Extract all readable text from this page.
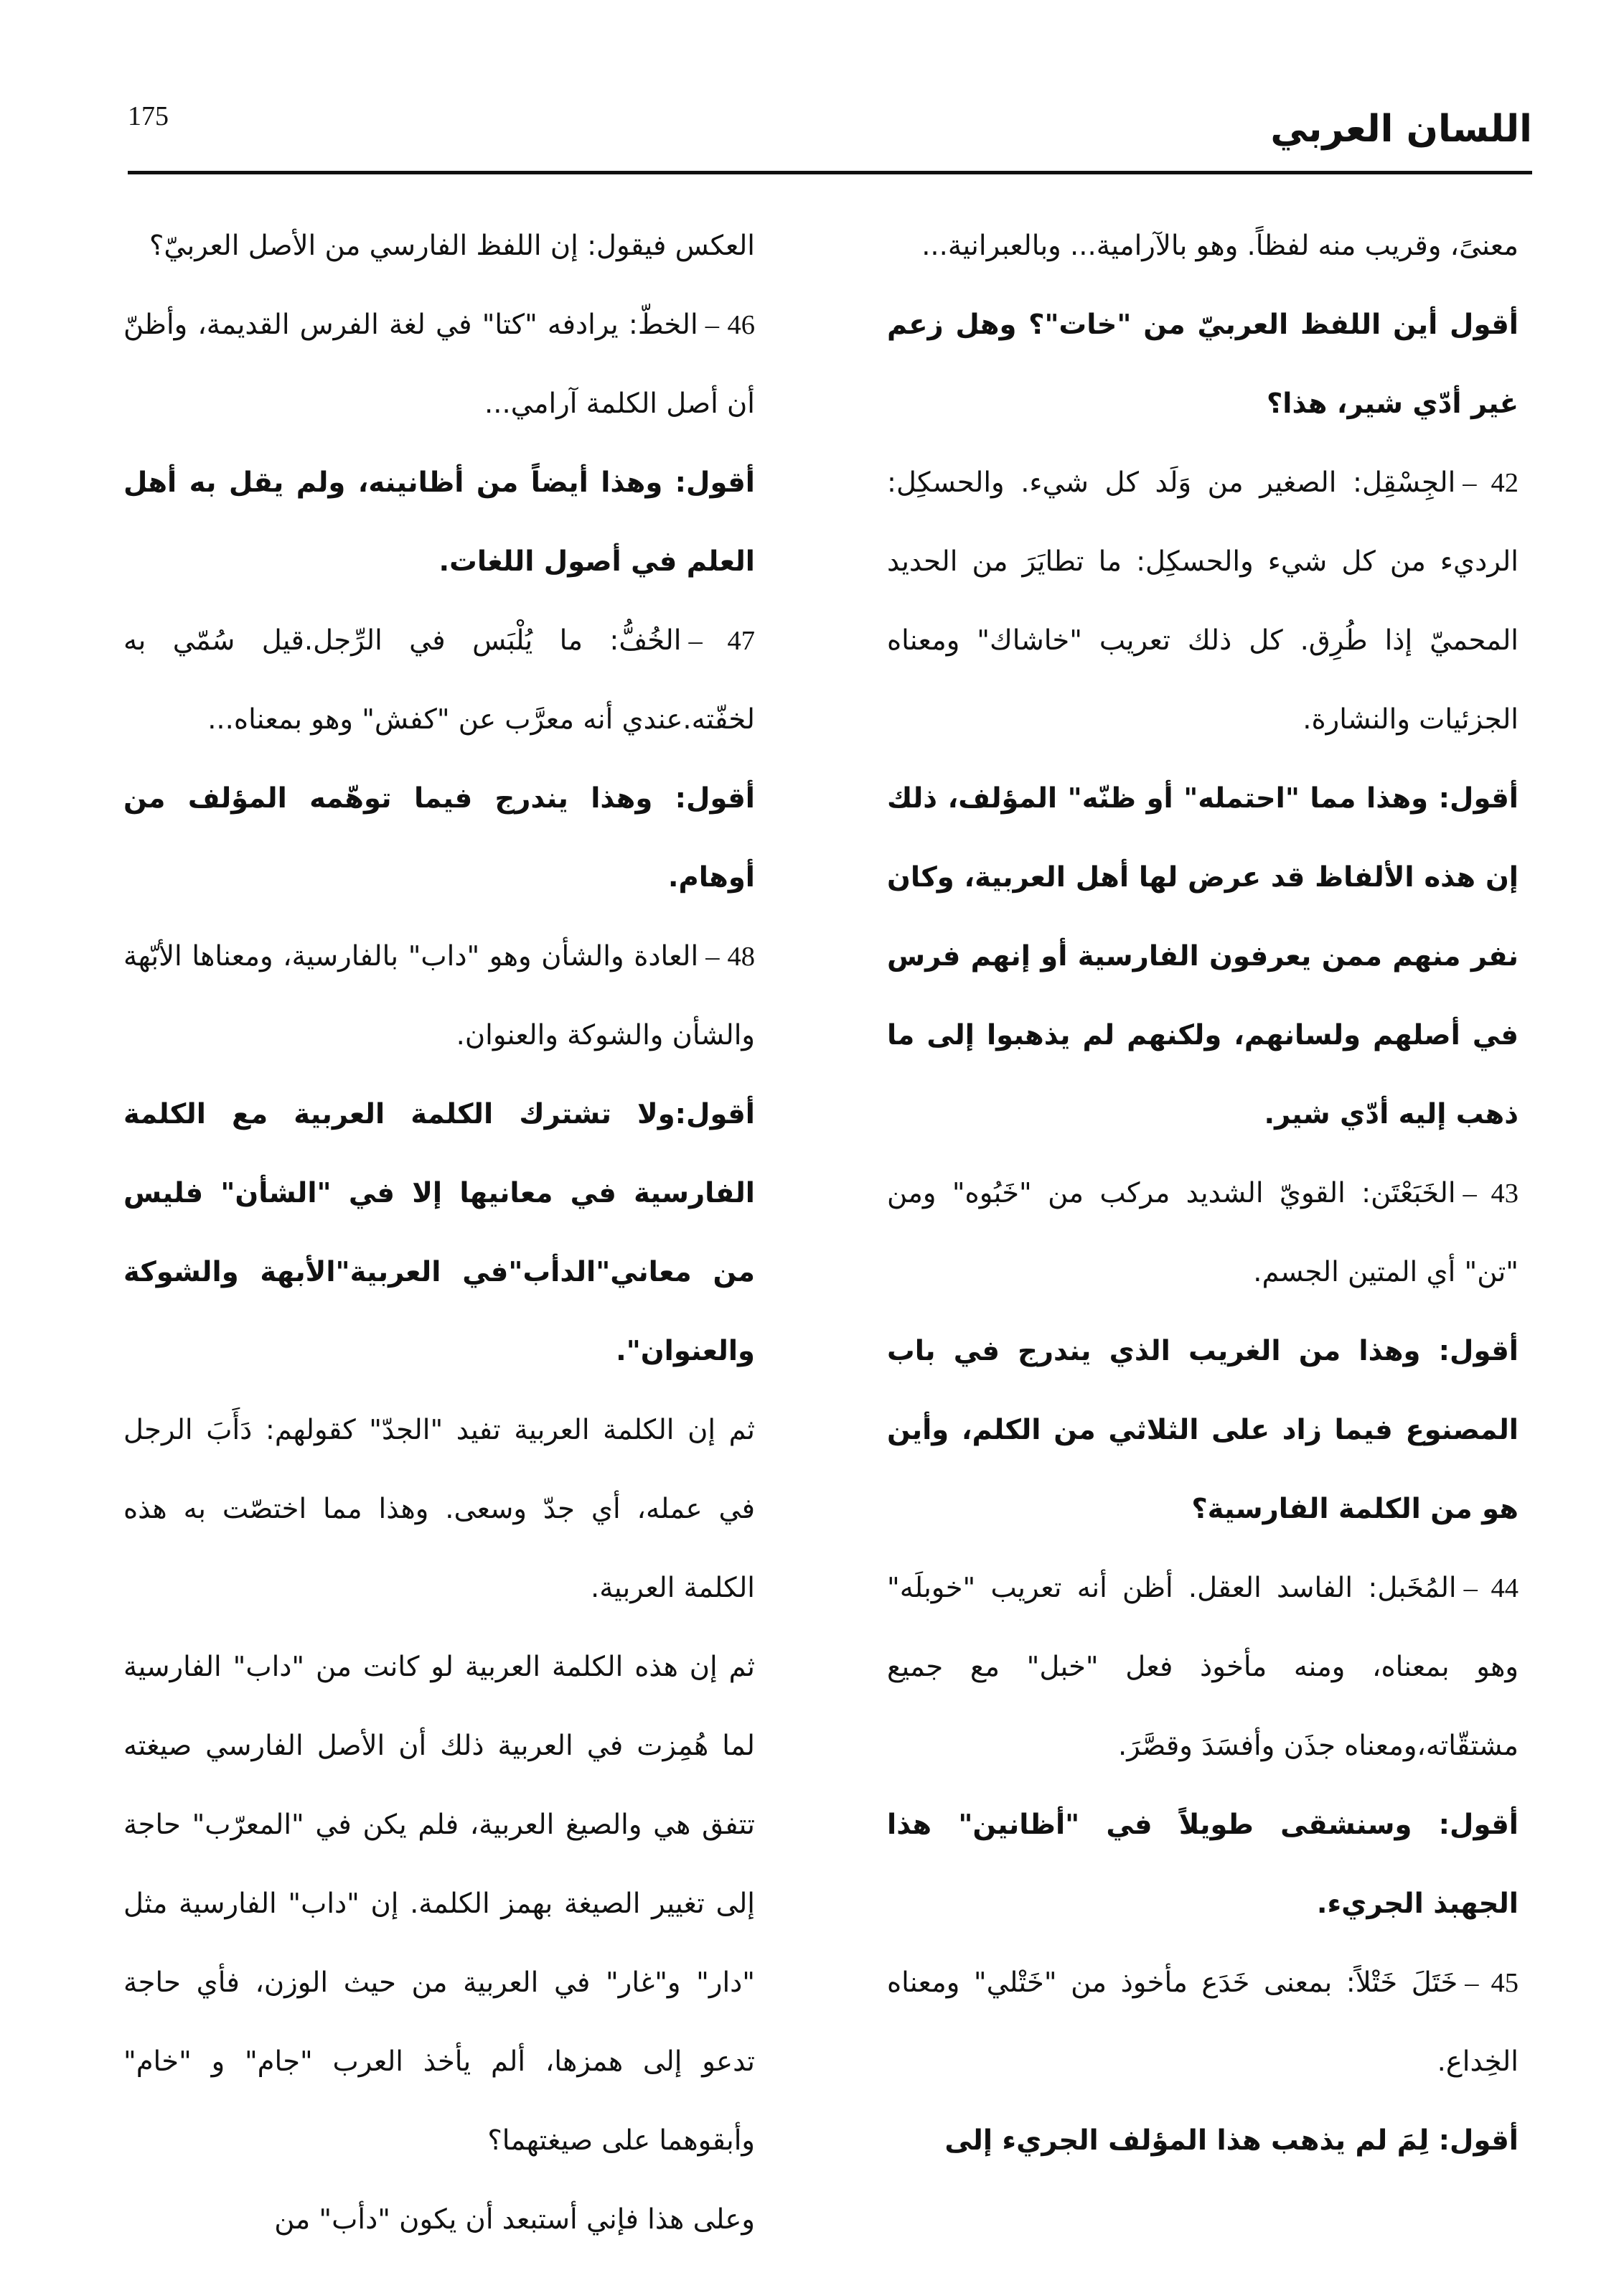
175	اللسان العربي

معنىً، وقريب منه لفظاً. وهو بالآرامية... وبالعبرانية...

أقول أين اللفظ العربيّ من "خات"؟ وهل زعم غير أدّي شير، هذا؟

42 –الجِسْقِل: الصغير من وَلَد كل شيء. والحسكِل: الرديء من كل شيء والحسكِل: ما تطايَرَ من الحديد المحميّ إذا طُرِق. كل ذلك تعريب "خاشاك" ومعناه الجزئيات والنشارة.

أقول: وهذا مما "احتمله" أو ظنّه" المؤلف، ذلك إن هذه الألفاظ قد عرض لها أهل العربية، وكان نفر منهم ممن يعرفون الفارسية أو إنهم فرس في أصلهم ولسانهم، ولكنهم لم يذهبوا إلى ما ذهب إليه أدّي شير.

43 –الخَبَعْتَن: القويّ الشديد مركب من "خَبُوه" ومن "تن" أي المتين الجسم.

أقول: وهذا من الغريب الذي يندرج في باب المصنوع فيما زاد على الثلاثي من الكلم، وأين هو من الكلمة الفارسية؟

44 –المُخَبل: الفاسد العقل. أظن أنه تعريب "خوبلَه" وهو بمعناه، ومنه مأخوذ فعل "خبل" مع جميع مشتقّاته،ومعناه جذَن وأفسَدَ وقصَّرَ.

أقول: وسنشقى طويلاً في "أظانين" هذا الجهبذ الجريء.

45 –خَتَلَ خَتْلاً: بمعنى خَدَع مأخوذ من "خَتْلي" ومعناه الخِداع.

أقول: لِمَ لم يذهب هذا المؤلف الجريء إلى

العكس فيقول: إن اللفظ الفارسي من الأصل العربيّ؟

46 –الخطّ: يرادفه "كتا" في لغة الفرس القديمة، وأظنّ أن أصل الكلمة آرامي...

أقول: وهذا أيضاً من أظانينه، ولم يقل به أهل العلم في أصول اللغات.

47 –الخُفُّ: ما يُلْبَس في الرِّجل.قيل سُمّي به لخفّته.عندي أنه معرَّب عن "كفش" وهو بمعناه...

أقول: وهذا يندرج فيما توهّمه المؤلف من أوهام.

48 –العادة والشأن وهو "داب" بالفارسية، ومعناها الأبّهة والشأن والشوكة والعنوان.

أقول:ولا تشترك الكلمة العربية مع الكلمة الفارسية في معانيها إلا في "الشأن" فليس من معاني"الدأب"في العربية"الأبهة والشوكة والعنوان".

ثم إن الكلمة العربية تفيد "الجدّ" كقولهم: دَأَبَ الرجل في عمله، أي جدّ وسعى. وهذا مما اختصّت به هذه الكلمة العربية.

ثم إن هذه الكلمة العربية لو كانت من "داب" الفارسية لما هُمِزت في العربية ذلك أن الأصل الفارسي صيغته تتفق هي والصيغ العربية، فلم يكن في "المعرّب" حاجة إلى تغيير الصيغة بهمز الكلمة. إن "داب" الفارسية مثل "دار" و"غار" في العربية من حيث الوزن، فأي حاجة تدعو إلى همزها، ألم يأخذ العرب "جام" و "خام" وأبقوهما على صيغتهما؟

وعلى هذا فإني أستبعد أن يكون "دأب" من
